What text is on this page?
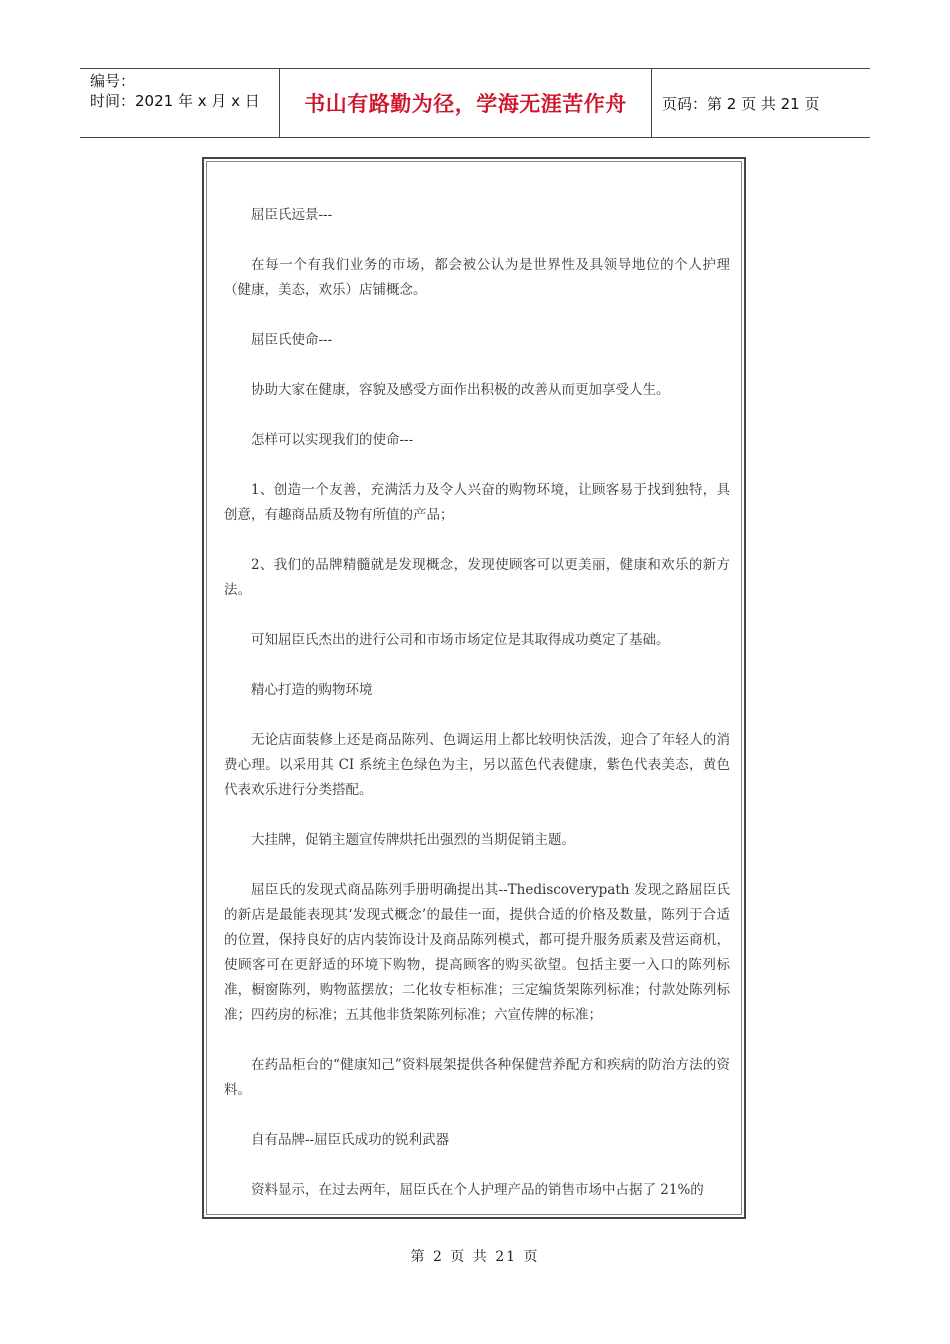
编号：
时间：2021 年 x 月 x 日	书山有路勤为径，学海无涯苦作舟	页码：第 2 页 共 21 页

屈臣氏远景---

在每一个有我们业务的市场，都会被公认为是世界性及具领导地位的个人护理（健康，美态，欢乐）店铺概念。

屈臣氏使命---

协助大家在健康，容貌及感受方面作出积极的改善从而更加享受人生。

怎样可以实现我们的使命---

1、创造一个友善，充满活力及令人兴奋的购物环境，让顾客易于找到独特，具创意，有趣商品质及物有所值的产品；

2、我们的品牌精髓就是发现概念，发现使顾客可以更美丽，健康和欢乐的新方法。

可知屈臣氏杰出的进行公司和市场市场定位是其取得成功奠定了基础。

精心打造的购物环境

无论店面装修上还是商品陈列、色调运用上都比较明快活泼，迎合了年轻人的消费心理。以采用其 CI 系统主色绿色为主，另以蓝色代表健康，紫色代表美态，黄色代表欢乐进行分类搭配。

大挂牌，促销主题宣传牌烘托出强烈的当期促销主题。

屈臣氏的发现式商品陈列手册明确提出其--Thediscoverypath 发现之路屈臣氏的新店是最能表现其‘发现式概念’的最佳一面，提供合适的价格及数量，陈列于合适的位置，保持良好的店内装饰设计及商品陈列模式，都可提升服务质素及营运商机，使顾客可在更舒适的环境下购物，提高顾客的购买欲望。包括主要一入口的陈列标准，橱窗陈列，购物蓝摆放；二化妆专柜标准；三定编货架陈列标准；付款处陈列标准；四药房的标准；五其他非货架陈列标准；六宣传牌的标准；

在药品柜台的“健康知己”资料展架提供各种保健营养配方和疾病的防治方法的资料。

自有品牌--屈臣氏成功的锐利武器

资料显示，在过去两年，屈臣氏在个人护理产品的销售市场中占据了 21%的

第 2 页 共 21 页
